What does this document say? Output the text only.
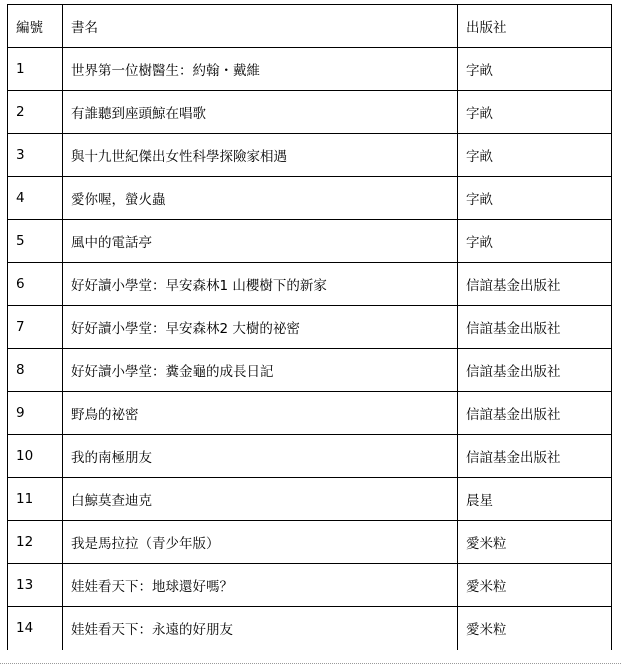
編號	書名	出版社
1	世界第一位樹醫生：約翰・戴維	字畝
2	有誰聽到座頭鯨在唱歌	字畝
3	與十九世紀傑出女性科學探險家相遇	字畝
4	愛你喔，螢火蟲	字畝
5	風中的電話亭	字畝
6	好好讀小學堂：早安森林1 山櫻樹下的新家	信誼基金出版社
7	好好讀小學堂：早安森林2 大樹的祕密	信誼基金出版社
8	好好讀小學堂：糞金龜的成長日記	信誼基金出版社
9	野鳥的祕密	信誼基金出版社
10	我的南極朋友	信誼基金出版社
11	白鯨莫查迪克	晨星
12	我是馬拉拉（青少年版）	愛米粒
13	娃娃看天下：地球還好嗎？	愛米粒
14	娃娃看天下：永遠的好朋友	愛米粒
